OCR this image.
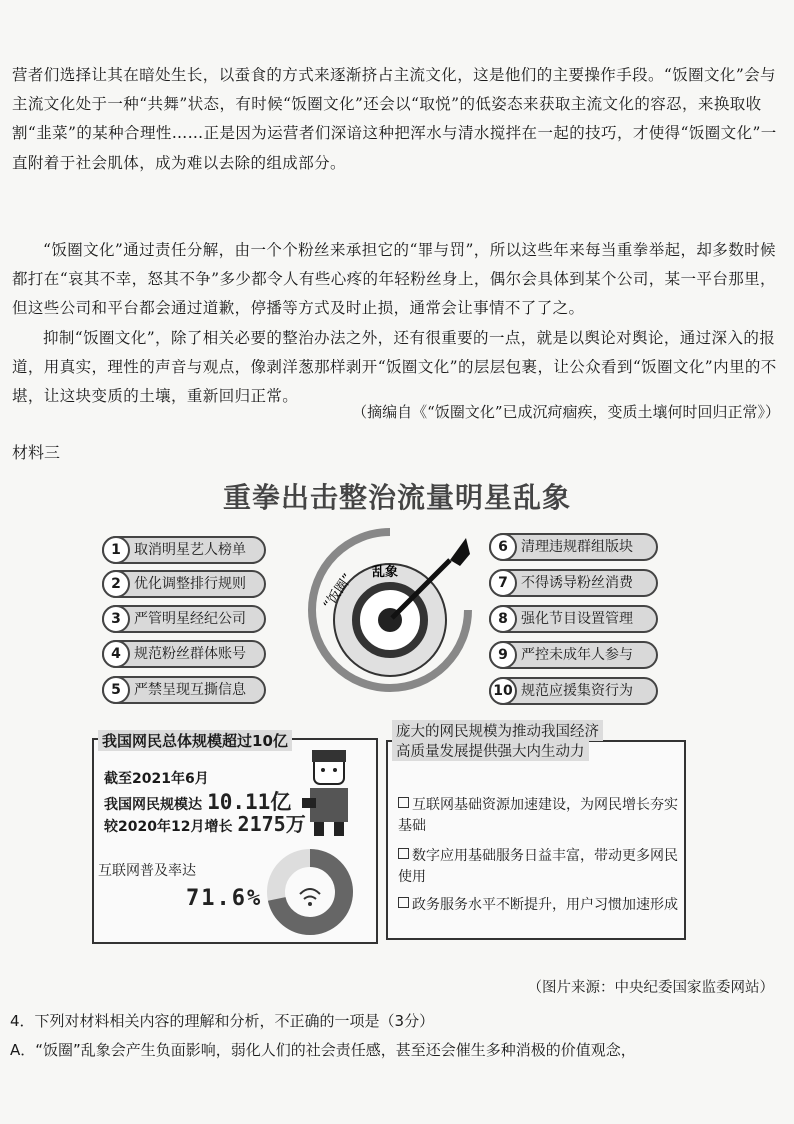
营者们选择让其在暗处生长，以蚕食的方式来逐渐挤占主流文化，这是他们的主要操作手段。“饭圈文化”会与主流文化处于一种“共舞”状态，有时候“饭圈文化”还会以“取悦”的低姿态来获取主流文化的容忍，来换取收割“韭菜”的某种合理性……正是因为运营者们深谙这种把浑水与清水搅拌在一起的技巧，才使得“饭圈文化”一直附着于社会肌体，成为难以去除的组成部分。
“饭圈文化”通过责任分解，由一个个粉丝来承担它的“罪与罚”，所以这些年来每当重拳举起，却多数时候都打在“哀其不幸，怒其不争”多少都令人有些心疼的年轻粉丝身上，偶尔会具体到某个公司，某一平台那里，但这些公司和平台都会通过道歉，停播等方式及时止损，通常会让事情不了了之。
抑制“饭圈文化”，除了相关必要的整治办法之外，还有很重要的一点，就是以舆论对舆论，通过深入的报道，用真实，理性的声音与观点，像剥洋葱那样剥开“饭圈文化”的层层包裹，让公众看到“饭圈文化”内里的不堪，让这块变质的土壤，重新回归正常。
（摘编自《“饭圈文化”已成沉疴痼疾，变质土壤何时回归正常》）
材料三
重拳出击整治流量明星乱象
1 取消明星艺人榜单
2 优化调整排行规则
3 严管明星经纪公司
4 规范粉丝群体账号
5 严禁呈现互撕信息
“饭圈” 乱象
6 清理违规群组版块
7 不得诱导粉丝消费
8 强化节目设置管理
9 严控未成年人参与
10 规范应援集资行为
我国网民总体规模超过10亿
截至2021年6月
我国网民规模达 10.11亿
较2020年12月增长 2175万
互联网普及率达
71.6%
庞大的网民规模为推动我国经济
高质量发展提供强大内生动力
互联网基础资源加速建设，为网民增长夯实基础
数字应用基础服务日益丰富，带动更多网民使用
政务服务水平不断提升，用户习惯加速形成
（图片来源：中央纪委国家监委网站）
4．下列对材料相关内容的理解和分析，不正确的一项是（3分）
A．“饭圈”乱象会产生负面影响，弱化人们的社会责任感，甚至还会催生多种消极的价值观念，
